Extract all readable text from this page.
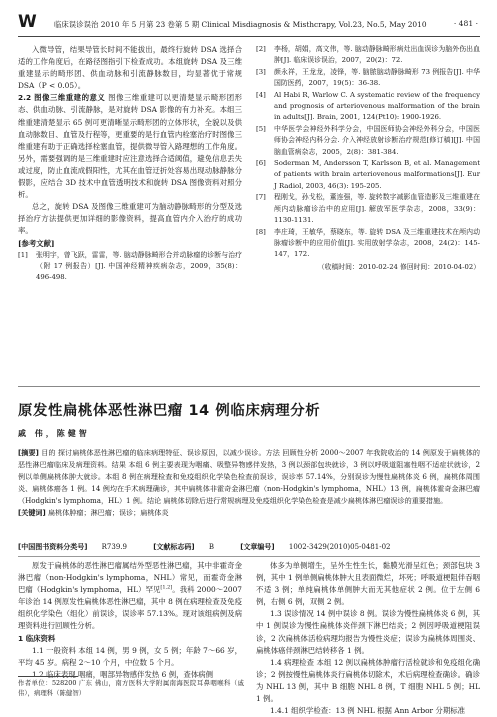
W 临床误诊误治 2010 年 5 月第 23 卷第 5 期 Clinical Misdiagnosis & Misthcrapy, Vol.23, No.5, May 2010	· 481 ·

入微导管，结果导管长时间不能拔出，最终行旋转 DSA 选择合适的工作角度后，在路径图指引下检查成功。本组旋转 DSA 及三维重建显示的畸形团、供血动脉和引流静脉数目，均显著优于常规 DSA（P < 0.05）。

2.2 图像三维重建的意义 图像三维重建可以更清楚显示畸形团形态、供血动脉、引流静脉，是对旋转 DSA 影像的有力补充。本组三维重建清楚显示 65 例可更清晰显示畸形团的立体形状，全貌以及供血动脉数目、血管及行程等，更重要的是行血管内栓塞治疗时图像三维重建有助于正确选择栓塞血管，提供微导管入路理想的工作角度。另外，需要强调的是三维重建时应注意选择合适阈值，避免信息丢失或过度，防止血流成假阳性，尤其在血管迂折处容易出现动脉静脉分假影，应结合 3D 技术中血管透明技术和旋转 DSA 图像资料对照分析。

总之，旋转 DSA 及图像三维重建可为脑动静脉畸形的分型及选择治疗方法提供更加详细的影像资料，提高血管内介入治疗的成功率。

[参考文献]

[1]	张明宇，曾飞跃，雷雷，等. 脑动静脉畸形合并动脉瘤的诊断与治疗（附 17 例报告）[J]. 中国神经精神疾病杂志，2009，35(8)：496-498.
[2]	李杨，胡娟，高文伟，等. 脑动静脉畸形病灶出血误诊为脑外伤出血肿[J]. 临床误诊误治，2007，20(2)：72.
[3]	颜永祥，王龙龙，凌锋，等. 脑脓脑动静脉畸形 73 例报告[J]. 中华国防医药，2007，19(5)：36-38.
[4]	Al Habi R, Warlow C. A systematic review of the frequency and prognosis of arteriovenous malformation of the brain in adults[J]. Brain, 2001, 124(Pt10): 1900-1926.
[5]	中华医学会神经外科学分会，中国医师协会神经外科分会，中国医师协会神经内科分会. 介入神经放射诊断治疗规范[修订稿][J]. 中国脑血管病杂志，2005，2(8)：381-384.
[6]	Soderman M, Andersson T, Karlsson B, et al. Management of patients with brain arteriovenous malformations[J]. Eur J Radiol, 2003, 46(3): 195-205.
[7]	程刚戈，孙戈松，董连强，等. 旋转数字减影血管造影及三维重建在颅内动脉瘤诊治中的应用[J]. 解放军医学杂志，2008，33(9)：1130-1131.
[8]	李庄琦，王敏华，蔡晓东，等. 旋转 DSA 及三维重建技术在颅内动脉瘤诊断中的应用价值[J]. 实用放射学杂志，2008，24(2)：145-147，172.
（收稿时间：2010-02-24 修回时间：2010-04-02）
原发性扁桃体恶性淋巴瘤 14 例临床病理分析
戚 伟，陈健智

[摘要] 目的 探讨扁桃体恶性淋巴瘤的临床病理特征、误诊原因，以减少误诊。方法 回顾性分析 2000～2007 年我院收治的 14 例原发于扁桃体的恶性淋巴瘤临床及病理资料。结果 本组 6 例主要表现为咽痛、吸整异物感伴发热，3 例以颈部包块就诊，3 例以呼吸道阻塞性咽不适症状就诊，2 例以单侧扁桃体肿大就诊。本组 8 例在病理检查和免疫组织化学染色检查前误诊，误诊率 57.14%，分别误诊为慢性扁桃体炎 6 例，扁桃体周围炎、扁桃体癌各 1 例。14 例均在手术病理确诊，其中扁桃体非霍奇金淋巴瘤（non-Hodgkin's lymphoma，NHL）13 例，扁桃体霍奇金淋巴瘤（Hodgkin's lymphoma，HL）1 例。结论 扁桃体切除后进行常规病理及免疫组织化学染色检查是减少扁桃体淋巴瘤误诊的重要措施。

[关键词] 扁桃体肿瘤；淋巴瘤；误诊；扁桃体炎

[中国图书资料分类号] R739.9	[文献标志码] B	[文章编号] 1002-3429(2010)05-0481-02

原发于扁桃体的恶性淋巴瘤属结外型恶性淋巴瘤，其中非霍奇金淋巴瘤（non-Hodgkin's lymphoma，NHL）常见，而霍奇金淋巴瘤（Hodgkin's lymphoma，HL）罕见[1,2]。我科 2000～2007 年诊治 14 例原发性扁桃体恶性淋巴瘤，其中 8 例在病理检查及免疫组织化学染色（组化）前误诊，误诊率 57.13%。现对该组病例及病理资料进行回顾性分析。

1 临床资料

1.1 一般资料 本组 14 例，男 9 例，女 5 例；年龄 7～66 岁，平均 45 岁。病程 2～10 个月，中位数 5 个月。

1.2 临床表现 咽痛，咽部异物感伴发热 6 例，查体病侧

作者单位：528200 广东 佛山，南方医科大学附属南海医院耳鼻咽喉科（戚伟），病理科（陈健智）

体多为单侧增生，呈外生性生长，黏膜光滑呈红色；颈部包块 3 例，其中 1 例单侧扁桃体肿大且表面微烂，坏死；呼吸道梗阻伴吞咽不适 3 例；单纯扁桃体单侧肿大而无其他症状 2 例。位于左侧 6 例，右侧 6 例，双侧 2 例。

1.3 误诊情况 14 例中误诊 8 例。误诊为慢性扁桃体炎 6 例，其中 1 例误诊为慢性扁桃体炎伴颈下淋巴结炎；2 例因呼吸道梗阻误诊，2 次扁桃体活检病理均报告为慢性炎症；误诊为扁桃体周围炎、扁桃体癌伴颈淋巴结转移各 1 例。

1.4 病理检查 本组 12 例以扁桃体肿瘤行活检就诊和免疫组化确诊；2 例按慢性扁桃体炎行扁桃体切除术，术后病理检查确诊。确诊为 NHL 13 例，其中 B 细胞 NHL 8 例，T 细胞 NHL 5 例；HL 1 例。

1.4.1 组织学检查：13 例 NHL 根据 Ann Arbor 分期标准
